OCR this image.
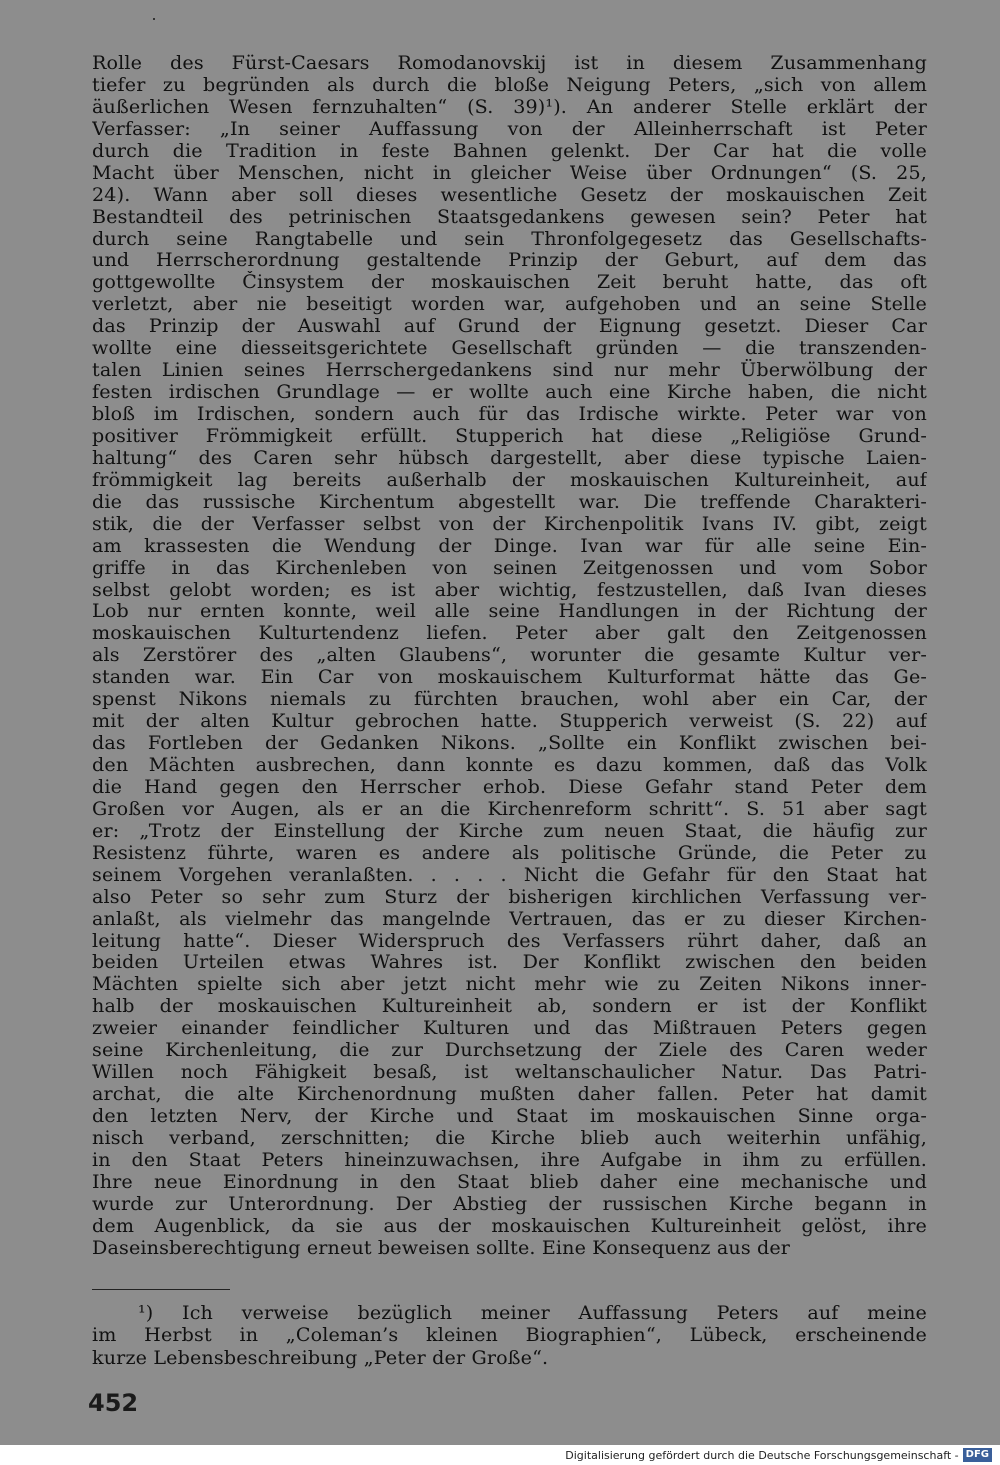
Rolle des Fürst-Caesars Romodanovskij ist in diesem Zusammenhang
tiefer zu begründen als durch die bloße Neigung Peters, „sich von allem
äußerlichen Wesen fernzuhalten“ (S. 39)¹). An anderer Stelle erklärt der
Verfasser: „In seiner Auffassung von der Alleinherrschaft ist Peter
durch die Tradition in feste Bahnen gelenkt. Der Car hat die volle
Macht über Menschen, nicht in gleicher Weise über Ordnungen“ (S. 25,
24). Wann aber soll dieses wesentliche Gesetz der moskauischen Zeit
Bestandteil des petrinischen Staatsgedankens gewesen sein? Peter hat
durch seine Rangtabelle und sein Thronfolgegesetz das Gesellschafts-
und Herrscherordnung gestaltende Prinzip der Geburt, auf dem das
gottgewollte Činsystem der moskauischen Zeit beruht hatte, das oft
verletzt, aber nie beseitigt worden war, aufgehoben und an seine Stelle
das Prinzip der Auswahl auf Grund der Eignung gesetzt. Dieser Car
wollte eine diesseitsgerichtete Gesellschaft gründen — die transzenden-
talen Linien seines Herrschergedankens sind nur mehr Überwölbung der
festen irdischen Grundlage — er wollte auch eine Kirche haben, die nicht
bloß im Irdischen, sondern auch für das Irdische wirkte. Peter war von
positiver Frömmigkeit erfüllt. Stupperich hat diese „Religiöse Grund-
haltung“ des Caren sehr hübsch dargestellt, aber diese typische Laien-
frömmigkeit lag bereits außerhalb der moskauischen Kultureinheit, auf
die das russische Kirchentum abgestellt war. Die treffende Charakteri-
stik, die der Verfasser selbst von der Kirchenpolitik Ivans IV. gibt, zeigt
am krassesten die Wendung der Dinge. Ivan war für alle seine Ein-
griffe in das Kirchenleben von seinen Zeitgenossen und vom Sobor
selbst gelobt worden; es ist aber wichtig, festzustellen, daß Ivan dieses
Lob nur ernten konnte, weil alle seine Handlungen in der Richtung der
moskauischen Kulturtendenz liefen. Peter aber galt den Zeitgenossen
als Zerstörer des „alten Glaubens“, worunter die gesamte Kultur ver-
standen war. Ein Car von moskauischem Kulturformat hätte das Ge-
spenst Nikons niemals zu fürchten brauchen, wohl aber ein Car, der
mit der alten Kultur gebrochen hatte. Stupperich verweist (S. 22) auf
das Fortleben der Gedanken Nikons. „Sollte ein Konflikt zwischen bei-
den Mächten ausbrechen, dann konnte es dazu kommen, daß das Volk
die Hand gegen den Herrscher erhob. Diese Gefahr stand Peter dem
Großen vor Augen, als er an die Kirchenreform schritt“. S. 51 aber sagt
er: „Trotz der Einstellung der Kirche zum neuen Staat, die häufig zur
Resistenz führte, waren es andere als politische Gründe, die Peter zu
seinem Vorgehen veranlaßten. . . . . Nicht die Gefahr für den Staat hat
also Peter so sehr zum Sturz der bisherigen kirchlichen Verfassung ver-
anlaßt, als vielmehr das mangelnde Vertrauen, das er zu dieser Kirchen-
leitung hatte“. Dieser Widerspruch des Verfassers rührt daher, daß an
beiden Urteilen etwas Wahres ist. Der Konflikt zwischen den beiden
Mächten spielte sich aber jetzt nicht mehr wie zu Zeiten Nikons inner-
halb der moskauischen Kultureinheit ab, sondern er ist der Konflikt
zweier einander feindlicher Kulturen und das Mißtrauen Peters gegen
seine Kirchenleitung, die zur Durchsetzung der Ziele des Caren weder
Willen noch Fähigkeit besaß, ist weltanschaulicher Natur. Das Patri-
archat, die alte Kirchenordnung mußten daher fallen. Peter hat damit
den letzten Nerv, der Kirche und Staat im moskauischen Sinne orga-
nisch verband, zerschnitten; die Kirche blieb auch weiterhin unfähig,
in den Staat Peters hineinzuwachsen, ihre Aufgabe in ihm zu erfüllen.
Ihre neue Einordnung in den Staat blieb daher eine mechanische und
wurde zur Unterordnung. Der Abstieg der russischen Kirche begann in
dem Augenblick, da sie aus der moskauischen Kultureinheit gelöst, ihre
Daseinsberechtigung erneut beweisen sollte. Eine Konsequenz aus der
¹) Ich verweise bezüglich meiner Auffassung Peters auf meine
im Herbst in „Coleman’s kleinen Biographien“, Lübeck, erscheinende
kurze Lebensbeschreibung „Peter der Große“.
452
Digitalisierung gefördert durch die Deutsche Forschungsgemeinschaft - DFG
